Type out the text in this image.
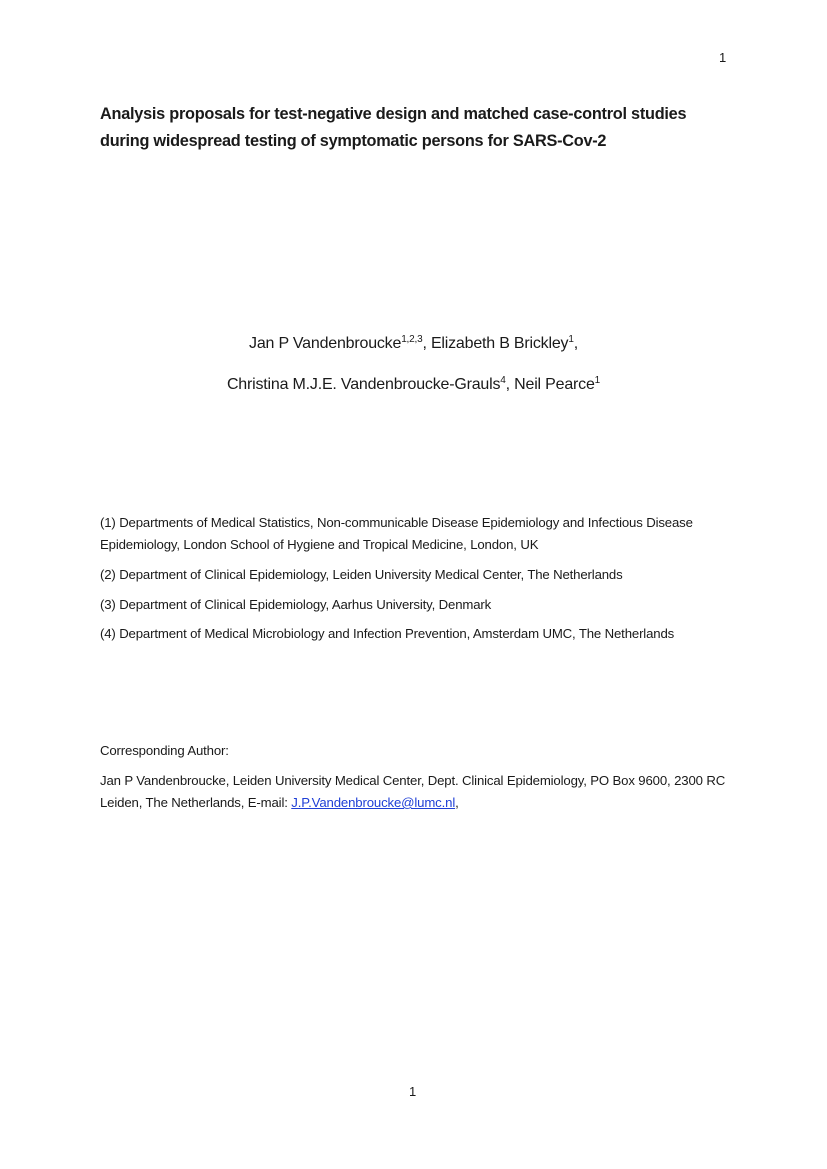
1
Analysis proposals for test-negative design and matched case-control studies
during widespread testing of symptomatic persons for SARS-Cov-2
Jan P Vandenbroucke$^{1,2,3}$, Elizabeth B Brickley$^1$,
Christina M.J.E. Vandenbroucke-Grauls$^4$, Neil Pearce$^1$
(1) Departments of Medical Statistics, Non-communicable Disease Epidemiology and Infectious Disease Epidemiology, London School of Hygiene and Tropical Medicine, London, UK
(2) Department of Clinical Epidemiology, Leiden University Medical Center, The Netherlands
(3) Department of Clinical Epidemiology, Aarhus University, Denmark
(4) Department of Medical Microbiology and Infection Prevention, Amsterdam UMC, The Netherlands
Corresponding Author:
Jan P Vandenbroucke, Leiden University Medical Center, Dept. Clinical Epidemiology, PO Box 9600, 2300 RC Leiden, The Netherlands, E-mail: J.P.Vandenbroucke@lumc.nl,
1
